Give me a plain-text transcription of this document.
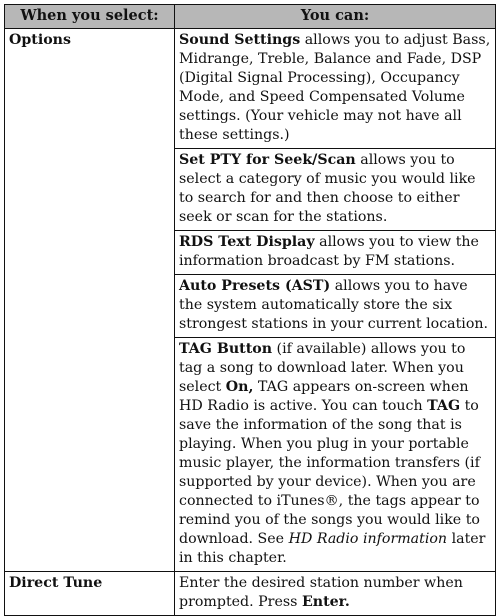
When you select:	You can:
Options	Sound Settings allows you to adjust Bass, Midrange, Treble, Balance and Fade, DSP (Digital Signal Processing), Occupancy Mode, and Speed Compensated Volume settings. (Your vehicle may not have all these settings.)
	Set PTY for Seek/Scan allows you to select a category of music you would like to search for and then choose to either seek or scan for the stations.
	RDS Text Display allows you to view the information broadcast by FM stations.
	Auto Presets (AST) allows you to have the system automatically store the six strongest stations in your current location.
	TAG Button (if available) allows you to tag a song to download later. When you select On, TAG appears on-screen when HD Radio is active. You can touch TAG to save the information of the song that is playing. When you plug in your portable music player, the information transfers (if supported by your device). When you are connected to iTunes®, the tags appear to remind you of the songs you would like to download. See HD Radio information later in this chapter.
Direct Tune	Enter the desired station number when prompted. Press Enter.
